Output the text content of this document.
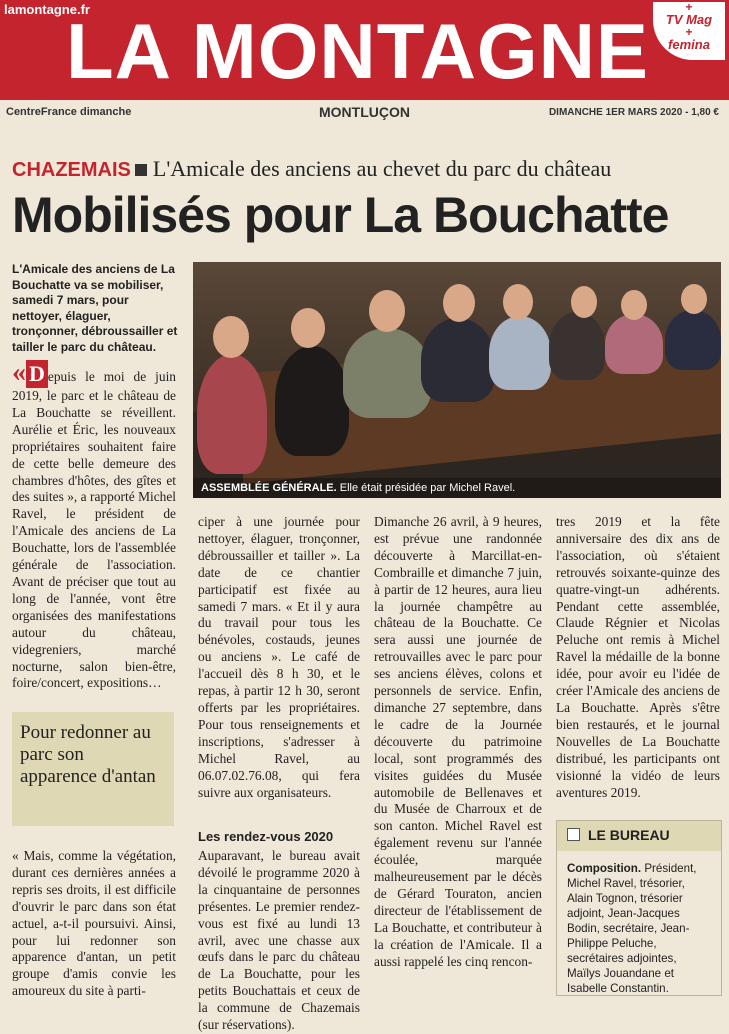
lamontagne.fr
LA MONTAGNE	+
TV Mag
+
femina
CentreFrance dimanche	MONTLUÇON	DIMANCHE 1ER MARS 2020 - 1,80 €
CHAZEMAIS L'Amicale des anciens au chevet du parc du château
Mobilisés pour La Bouchatte
L'Amicale des anciens de La Bouchatte va se mobiliser, samedi 7 mars, pour nettoyer, élaguer, tronçonner, débroussailler et tailler le parc du château.
ASSEMBLÉE GÉNÉRALE. Elle était présidée par Michel Ravel.
« D epuis le moi de juin 2019, le parc et le château de La Bouchatte se réveillent. Aurélie et Éric, les nouveaux propriétaires souhaitent faire de cette belle demeure des chambres d'hôtes, des gîtes et des suites », a rapporté Michel Ravel, le président de l'Amicale des anciens de La Bouchatte, lors de l'assemblée générale de l'association. Avant de préciser que tout au long de l'année, vont être organisées des manifestations autour du château, videgreniers, marché nocturne, salon bien-être, foire/concert, expositions…
Pour redonner au parc son apparence d'antan
« Mais, comme la végétation, durant ces dernières années a repris ses droits, il est difficile d'ouvrir le parc dans son état actuel, a-t-il poursuivi. Ainsi, pour lui redonner son apparence d'antan, un petit groupe d'amis convie les amoureux du site à parti-
ciper à une journée pour nettoyer, élaguer, tronçonner, débroussailler et tailler ». La date de ce chantier participatif est fixée au samedi 7 mars. « Et il y aura du travail pour tous les bénévoles, costauds, jeunes ou anciens ». Le café de l'accueil dès 8 h 30, et le repas, à partir 12 h 30, seront offerts par les propriétaires. Pour tous renseignements et inscriptions, s'adresser à Michel Ravel, au 06.07.02.76.08, qui fera suivre aux organisateurs.
Les rendez-vous 2020
Auparavant, le bureau avait dévoilé le programme 2020 à la cinquantaine de personnes présentes. Le premier rendez-vous est fixé au lundi 13 avril, avec une chasse aux œufs dans le parc du château de La Bouchatte, pour les petits Bouchattais et ceux de la commune de Chazemais (sur réservations).
Dimanche 26 avril, à 9 heures, est prévue une randonnée découverte à Marcillat-en-Combraille et dimanche 7 juin, à partir de 12 heures, aura lieu la journée champêtre au château de la Bouchatte. Ce sera aussi une journée de retrouvailles avec le parc pour ses anciens élèves, colons et personnels de service. Enfin, dimanche 27 septembre, dans le cadre de la Journée découverte du patrimoine local, sont programmés des visites guidées du Musée automobile de Bellenaves et du Musée de Charroux et de son canton. Michel Ravel est également revenu sur l'année écoulée, marquée malheureusement par le décès de Gérard Touraton, ancien directeur de l'établissement de La Bouchatte, et contributeur à la création de l'Amicale. Il a aussi rappelé les cinq rencon-
tres 2019 et la fête anniversaire des dix ans de l'association, où s'étaient retrouvés soixante-quinze des quatre-vingt-un adhérents. Pendant cette assemblée, Claude Régnier et Nicolas Peluche ont remis à Michel Ravel la médaille de la bonne idée, pour avoir eu l'idée de créer l'Amicale des anciens de La Bouchatte. Après s'être bien restaurés, et le journal Nouvelles de La Bouchatte distribué, les participants ont visionné la vidéo de leurs aventures 2019.
LE BUREAU
Composition. Président, Michel Ravel, trésorier, Alain Tognon, trésorier adjoint, Jean-Jacques Bodin, secrétaire, Jean-Philippe Peluche, secrétaires adjointes, Maïlys Jouandane et Isabelle Constantin.
